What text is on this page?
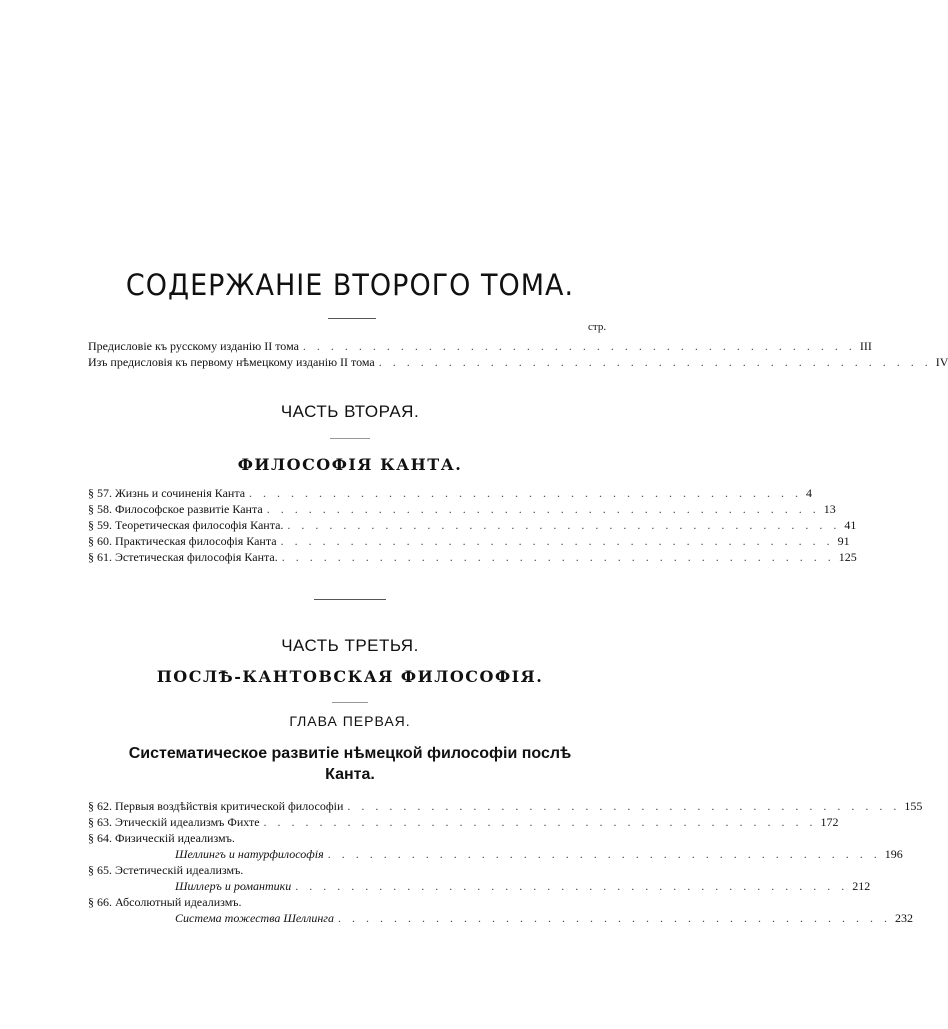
СОДЕРЖАНIЕ ВТОРОГО ТОМА.
стр.
Предисловie къ русскому изданiю II тома . . . . . . . . . . . . . . . . . . . . . . . . . . . . . . . . . . . . . . . . III
Изъ предисловiя къ первому нѣмецкому изданiю II тома . . . . . . . . . . . . . . . . . . . . . . . . . . . . . . . . . . . . . . . . IV
ЧАСТЬ ВТОРАЯ.
ФИЛОСОФIЯ КАНТА.
§ 57. Жизнь и сочиненiя Канта . . . . . . . . . . . . . . . . . . . . . . . . . . . . . . . . . . . . . . . . 4
§ 58. Философское развитie Канта . . . . . . . . . . . . . . . . . . . . . . . . . . . . . . . . . . . . . . . . 13
§ 59. Теоретическая философiя Канта. . . . . . . . . . . . . . . . . . . . . . . . . . . . . . . . . . . . . . . . . 41
§ 60. Практическая философiя Канта . . . . . . . . . . . . . . . . . . . . . . . . . . . . . . . . . . . . . . . . 91
§ 61. Эстетическая философiя Канта. . . . . . . . . . . . . . . . . . . . . . . . . . . . . . . . . . . . . . . . . 125
ЧАСТЬ ТРЕТЬЯ.
ПОСЛѢ-КАНТОВСКАЯ ФИЛОСОФIЯ.
ГЛАВА ПЕРВАЯ.
Систематическое развитie нѣмецкой философiи послѣ
Канта.
§ 62. Первыя воздѣйствiя критической философiи . . . . . . . . . . . . . . . . . . . . . . . . . . . . . . . . . . . . . . . . 155
§ 63. Этическiй идеализмъ Фихте . . . . . . . . . . . . . . . . . . . . . . . . . . . . . . . . . . . . . . . . 172
§ 64. Физическiй идеализмъ.
Шеллингъ и натурфилософiя . . . . . . . . . . . . . . . . . . . . . . . . . . . . . . . . . . . . . . . . 196
§ 65. Эстетическiй идеализмъ.
Шиллеръ и романтики . . . . . . . . . . . . . . . . . . . . . . . . . . . . . . . . . . . . . . . . 212
§ 66. Абсолютный идеализмъ.
Система тожества Шеллинга . . . . . . . . . . . . . . . . . . . . . . . . . . . . . . . . . . . . . . . . 232
